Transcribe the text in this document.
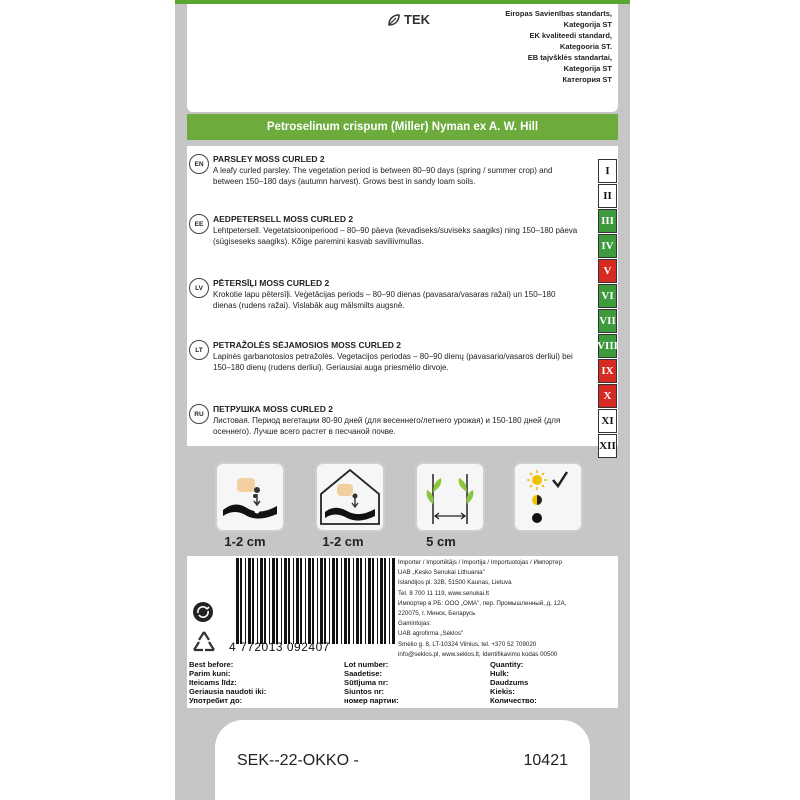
TEK	Eiropas Savienības standarts, Kategorija ST
EK kvaliteedi standard, Kategooria ST.
EB tajvšklės standartai, Kategorija ST
Категория ST
Petroselinum crispum (Miller) Nyman ex A. W. Hill
EN	PARSLEY MOSS CURLED 2
A leafy curled parsley. The vegetation period is between 80–90 days (spring / summer crop) and between 150–180 days (autumn harvest). Grows best in sandy loam soils.
EE	AEDPETERSELL MOSS CURLED 2
Lehtpetersell. Vegetatsiooniperiood – 80–90 päeva (kevadiseks/suviseks saagiks) ning 150–180 päeva (sügiseseks saagiks). Kõige paremini kasvab saviliivmullas.
LV	PĒTERSĪĻI MOSS CURLED 2
Krokotie lapu pētersīļi. Veģetācijas periods – 80–90 dienas (pavasara/vasaras ražai) un 150–180 dienas (rudens ražai). Vislabāk aug mālsmilts augsnē.
LT	PETRAŽOLĖS SĖJAMOSIOS MOSS CURLED 2
Lapinės garbanotosios petražolės. Vegetacijos periodas – 80–90 dienų (pavasario/vasaros derliui) bei 150–180 dienų (rudens derliui). Geriausiai auga priesmėlio dirvoje.
RU	ПЕТРУШКА MOSS CURLED 2
Листовая. Период вегетации 80-90 дней (для весеннего/летнего урожая) и 150-180 дней (для осеннего). Лучше всего растет в песчаной почве.
I
II
III
IV
V
VI
VII
VIII
IX
X
XI
XII
1-2 cm	1-2 cm	5 cm
4 772013 092407
Importer / Importētājs / Importija / Importuotojas / Импортер
UAB „Kesko Senukai Lithuania"
Islandijos pl. 32B, 51500 Kaunas, Lietuva
Tel. 8 700 11 119, www.senukai.lt
Импортер в РБ: ООО „ОМА", пер. Промышленный, д. 12А,
220075, г. Минск, Беларусь
Gamintojas:
UAB agrofirma „Sėklos"
Smėlio g. 8, LT-10324 Vilnius, tel. +370 52 709020
info@seklos.pl, www.seklos.lt, Identifikavimo kodas 00500
Best before:
Parim kuni:
Iteicams līdz:
Geriausia naudoti iki:
Употребит до:
Lot number:
Saadetise:
Sūtījuma nr:
Siuntos nr:
номер партии:
Quantity:
Hulk:
Daudzums
Kiekis:
Количество:
SEK--22-OKKO -	10421
